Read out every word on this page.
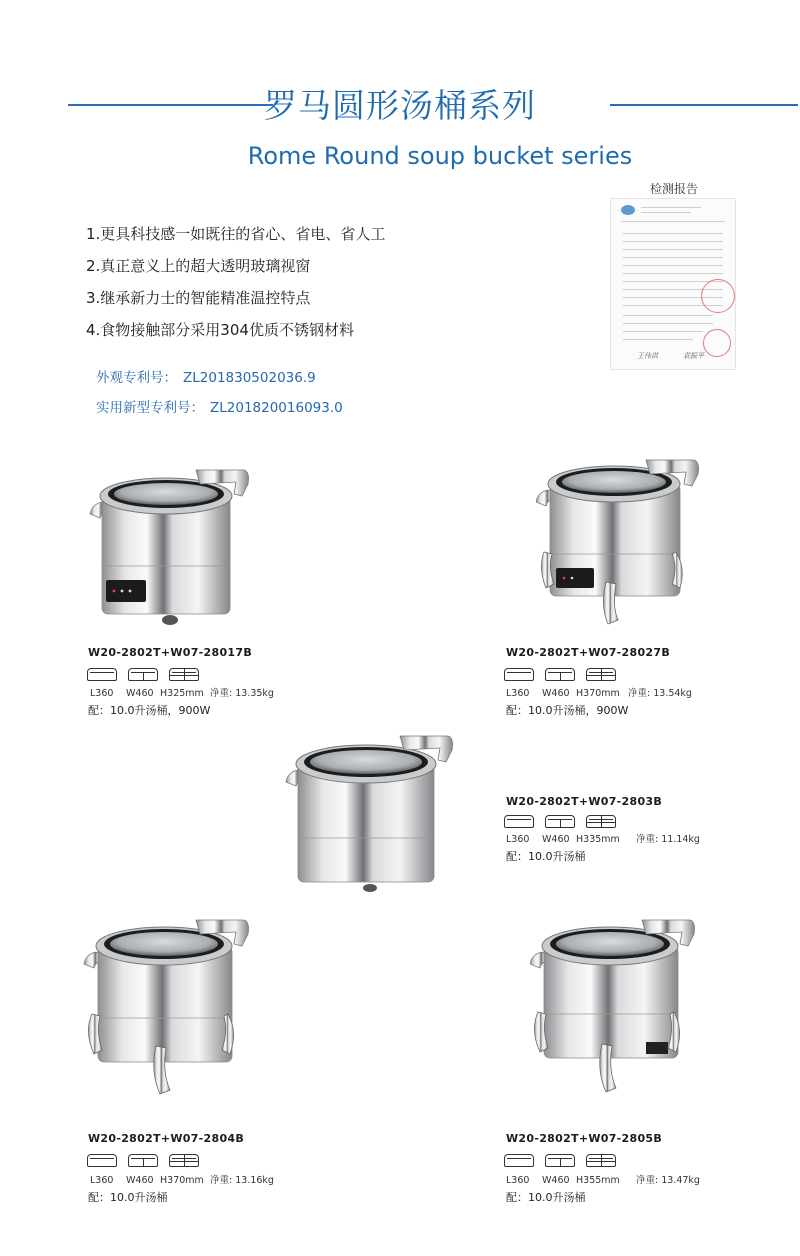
罗马圆形汤桶系列
Rome Round soup bucket series
1.更具科技感一如既往的省心、省电、省人工
2.真正意义上的超大透明玻璃视窗
3.继承新力士的智能精准温控特点
4.食物接触部分采用304优质不锈钢材料
外观专利号： ZL201830502036.9
实用新型专利号： ZL201820016093.0
检测报告
王伟洪	袁振平
W20-2802T+W07-28017B
L360 W460 H325mm 净重: 13.35kg
配：10.0升汤桶，900W
W20-2802T+W07-28027B
L360 W460 H370mm 净重: 13.54kg
配：10.0升汤桶，900W
W20-2802T+W07-2803B
L360 W460 H335mm 净重: 11.14kg
配：10.0升汤桶
W20-2802T+W07-2804B
L360 W460 H370mm 净重: 13.16kg
配：10.0升汤桶
W20-2802T+W07-2805B
L360 W460 H355mm 净重: 13.47kg
配：10.0升汤桶
